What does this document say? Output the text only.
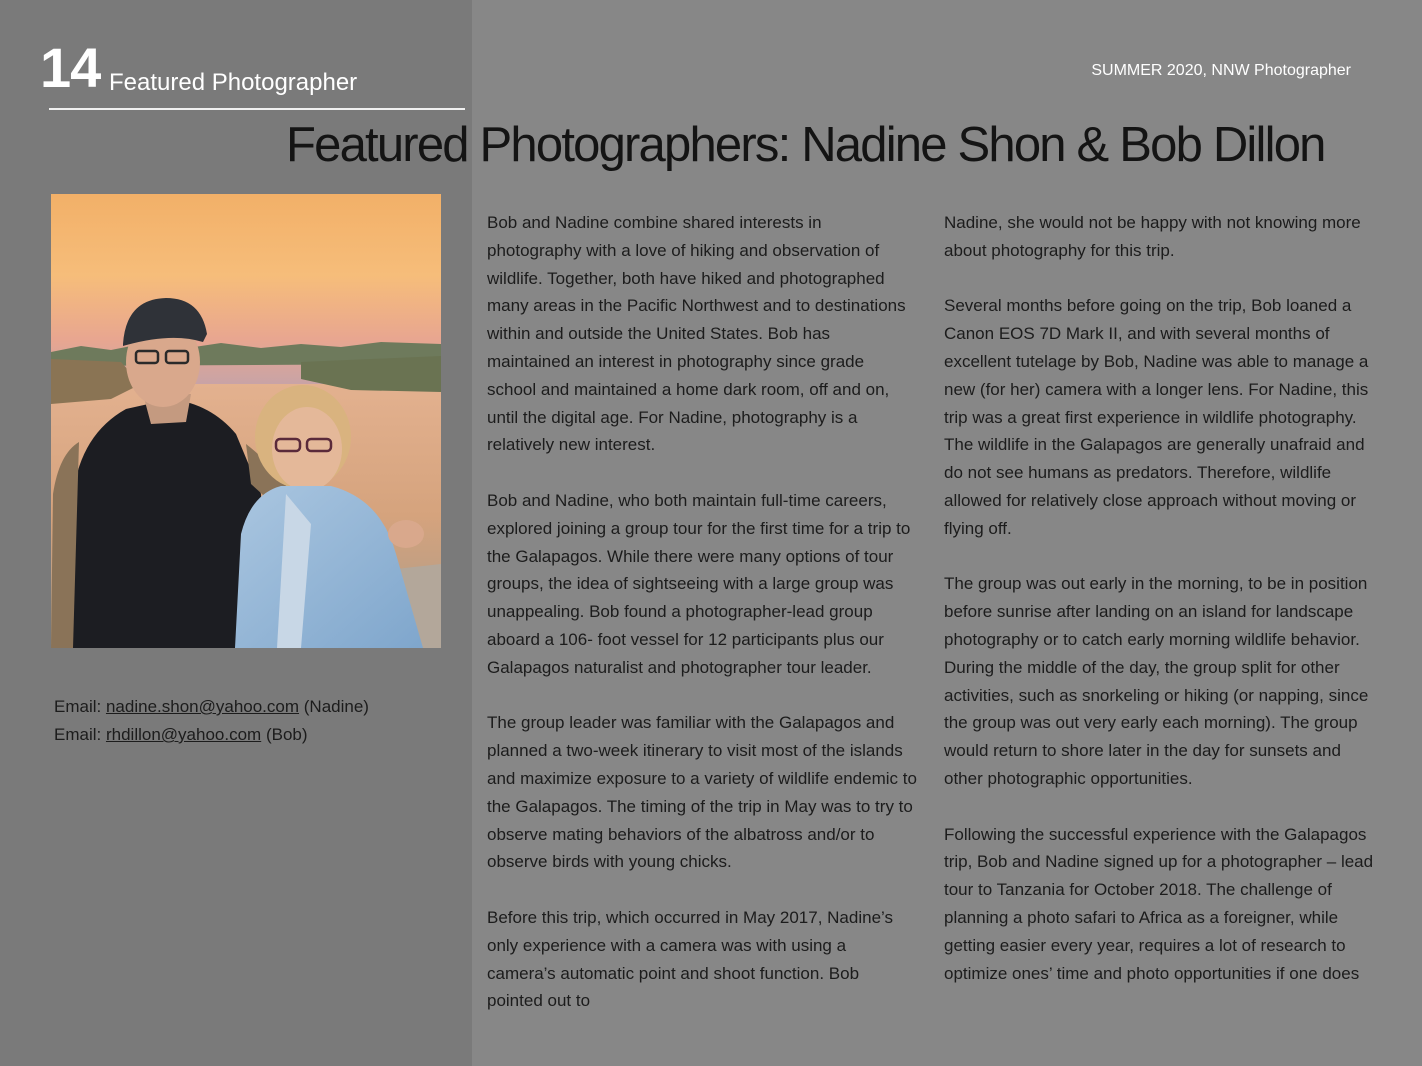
14 Featured Photographer	SUMMER 2020, NNW Photographer
Featured Photographers: Nadine Shon & Bob Dillon
Email: nadine.shon@yahoo.com (Nadine)
Email: rhdillon@yahoo.com (Bob)

Bob and Nadine combine shared interests in photography with a love of hiking and observation of wildlife. Together, both have hiked and photographed many areas in the Pacific Northwest and to destinations within and outside the United States. Bob has maintained an interest in photography since grade school and maintained a home dark room, off and on, until the digital age. For Nadine, photography is a relatively new interest.

Bob and Nadine, who both maintain full-time careers, explored joining a group tour for the first time for a trip to the Galapagos. While there were many options of tour groups, the idea of sightseeing with a large group was unappealing. Bob found a photographer-lead group aboard a 106- foot vessel for 12 participants plus our Galapagos naturalist and photographer tour leader.

The group leader was familiar with the Galapagos and planned a two-week itinerary to visit most of the islands and maximize exposure to a variety of wildlife endemic to the Galapagos. The timing of the trip in May was to try to observe mating behaviors of the albatross and/or to observe birds with young chicks.

Before this trip, which occurred in May 2017, Nadine’s only experience with a camera was with using a camera’s automatic point and shoot function. Bob pointed out to

Nadine, she would not be happy with not knowing more about photography for this trip.

Several months before going on the trip, Bob loaned a Canon EOS 7D Mark II, and with several months of excellent tutelage by Bob, Nadine was able to manage a new (for her) camera with a longer lens. For Nadine, this trip was a great first experience in wildlife photography. The wildlife in the Galapagos are generally unafraid and do not see humans as predators. Therefore, wildlife allowed for relatively close approach without moving or flying off.

The group was out early in the morning, to be in position before sunrise after landing on an island for landscape photography or to catch early morning wildlife behavior. During the middle of the day, the group split for other activities, such as snorkeling or hiking (or napping, since the group was out very early each morning). The group would return to shore later in the day for sunsets and other photographic opportunities.

Following the successful experience with the Galapagos trip, Bob and Nadine signed up for a photographer – lead tour to Tanzania for October 2018. The challenge of planning a photo safari to Africa as a foreigner, while getting easier every year, requires a lot of research to optimize ones’ time and photo opportunities if one does
